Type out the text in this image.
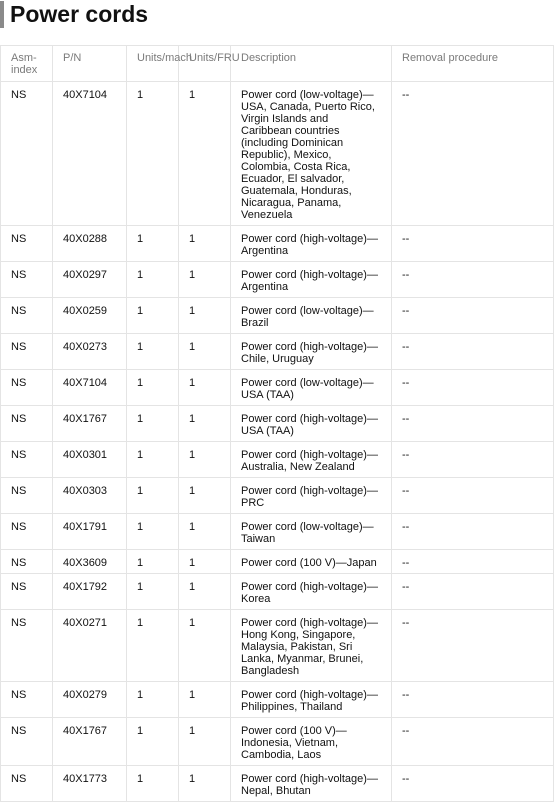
Power cords
Asm-index	P/N	Units/mach	Units/FRU	Description	Removal procedure
NS	40X7104	1	1	Power cord (low-voltage)—USA, Canada, Puerto Rico, Virgin Islands and Caribbean countries (including Dominican Republic), Mexico, Colombia, Costa Rica, Ecuador, El salvador, Guatemala, Honduras, Nicaragua, Panama, Venezuela	--
NS	40X0288	1	1	Power cord (high-voltage)—Argentina	--
NS	40X0297	1	1	Power cord (high-voltage)—Argentina	--
NS	40X0259	1	1	Power cord (low-voltage)—Brazil	--
NS	40X0273	1	1	Power cord (high-voltage)—Chile, Uruguay	--
NS	40X7104	1	1	Power cord (low-voltage)—USA (TAA)	--
NS	40X1767	1	1	Power cord (high-voltage)—USA (TAA)	--
NS	40X0301	1	1	Power cord (high-voltage)—Australia, New Zealand	--
NS	40X0303	1	1	Power cord (high-voltage)—PRC	--
NS	40X1791	1	1	Power cord (low-voltage)—Taiwan	--
NS	40X3609	1	1	Power cord (100 V)—Japan	--
NS	40X1792	1	1	Power cord (high-voltage)—Korea	--
NS	40X0271	1	1	Power cord (high-voltage)—Hong Kong, Singapore, Malaysia, Pakistan, Sri Lanka, Myanmar, Brunei, Bangladesh	--
NS	40X0279	1	1	Power cord (high-voltage)—Philippines, Thailand	--
NS	40X1767	1	1	Power cord (100 V)—Indonesia, Vietnam, Cambodia, Laos	--
NS	40X1773	1	1	Power cord (high-voltage)—Nepal, Bhutan	--
